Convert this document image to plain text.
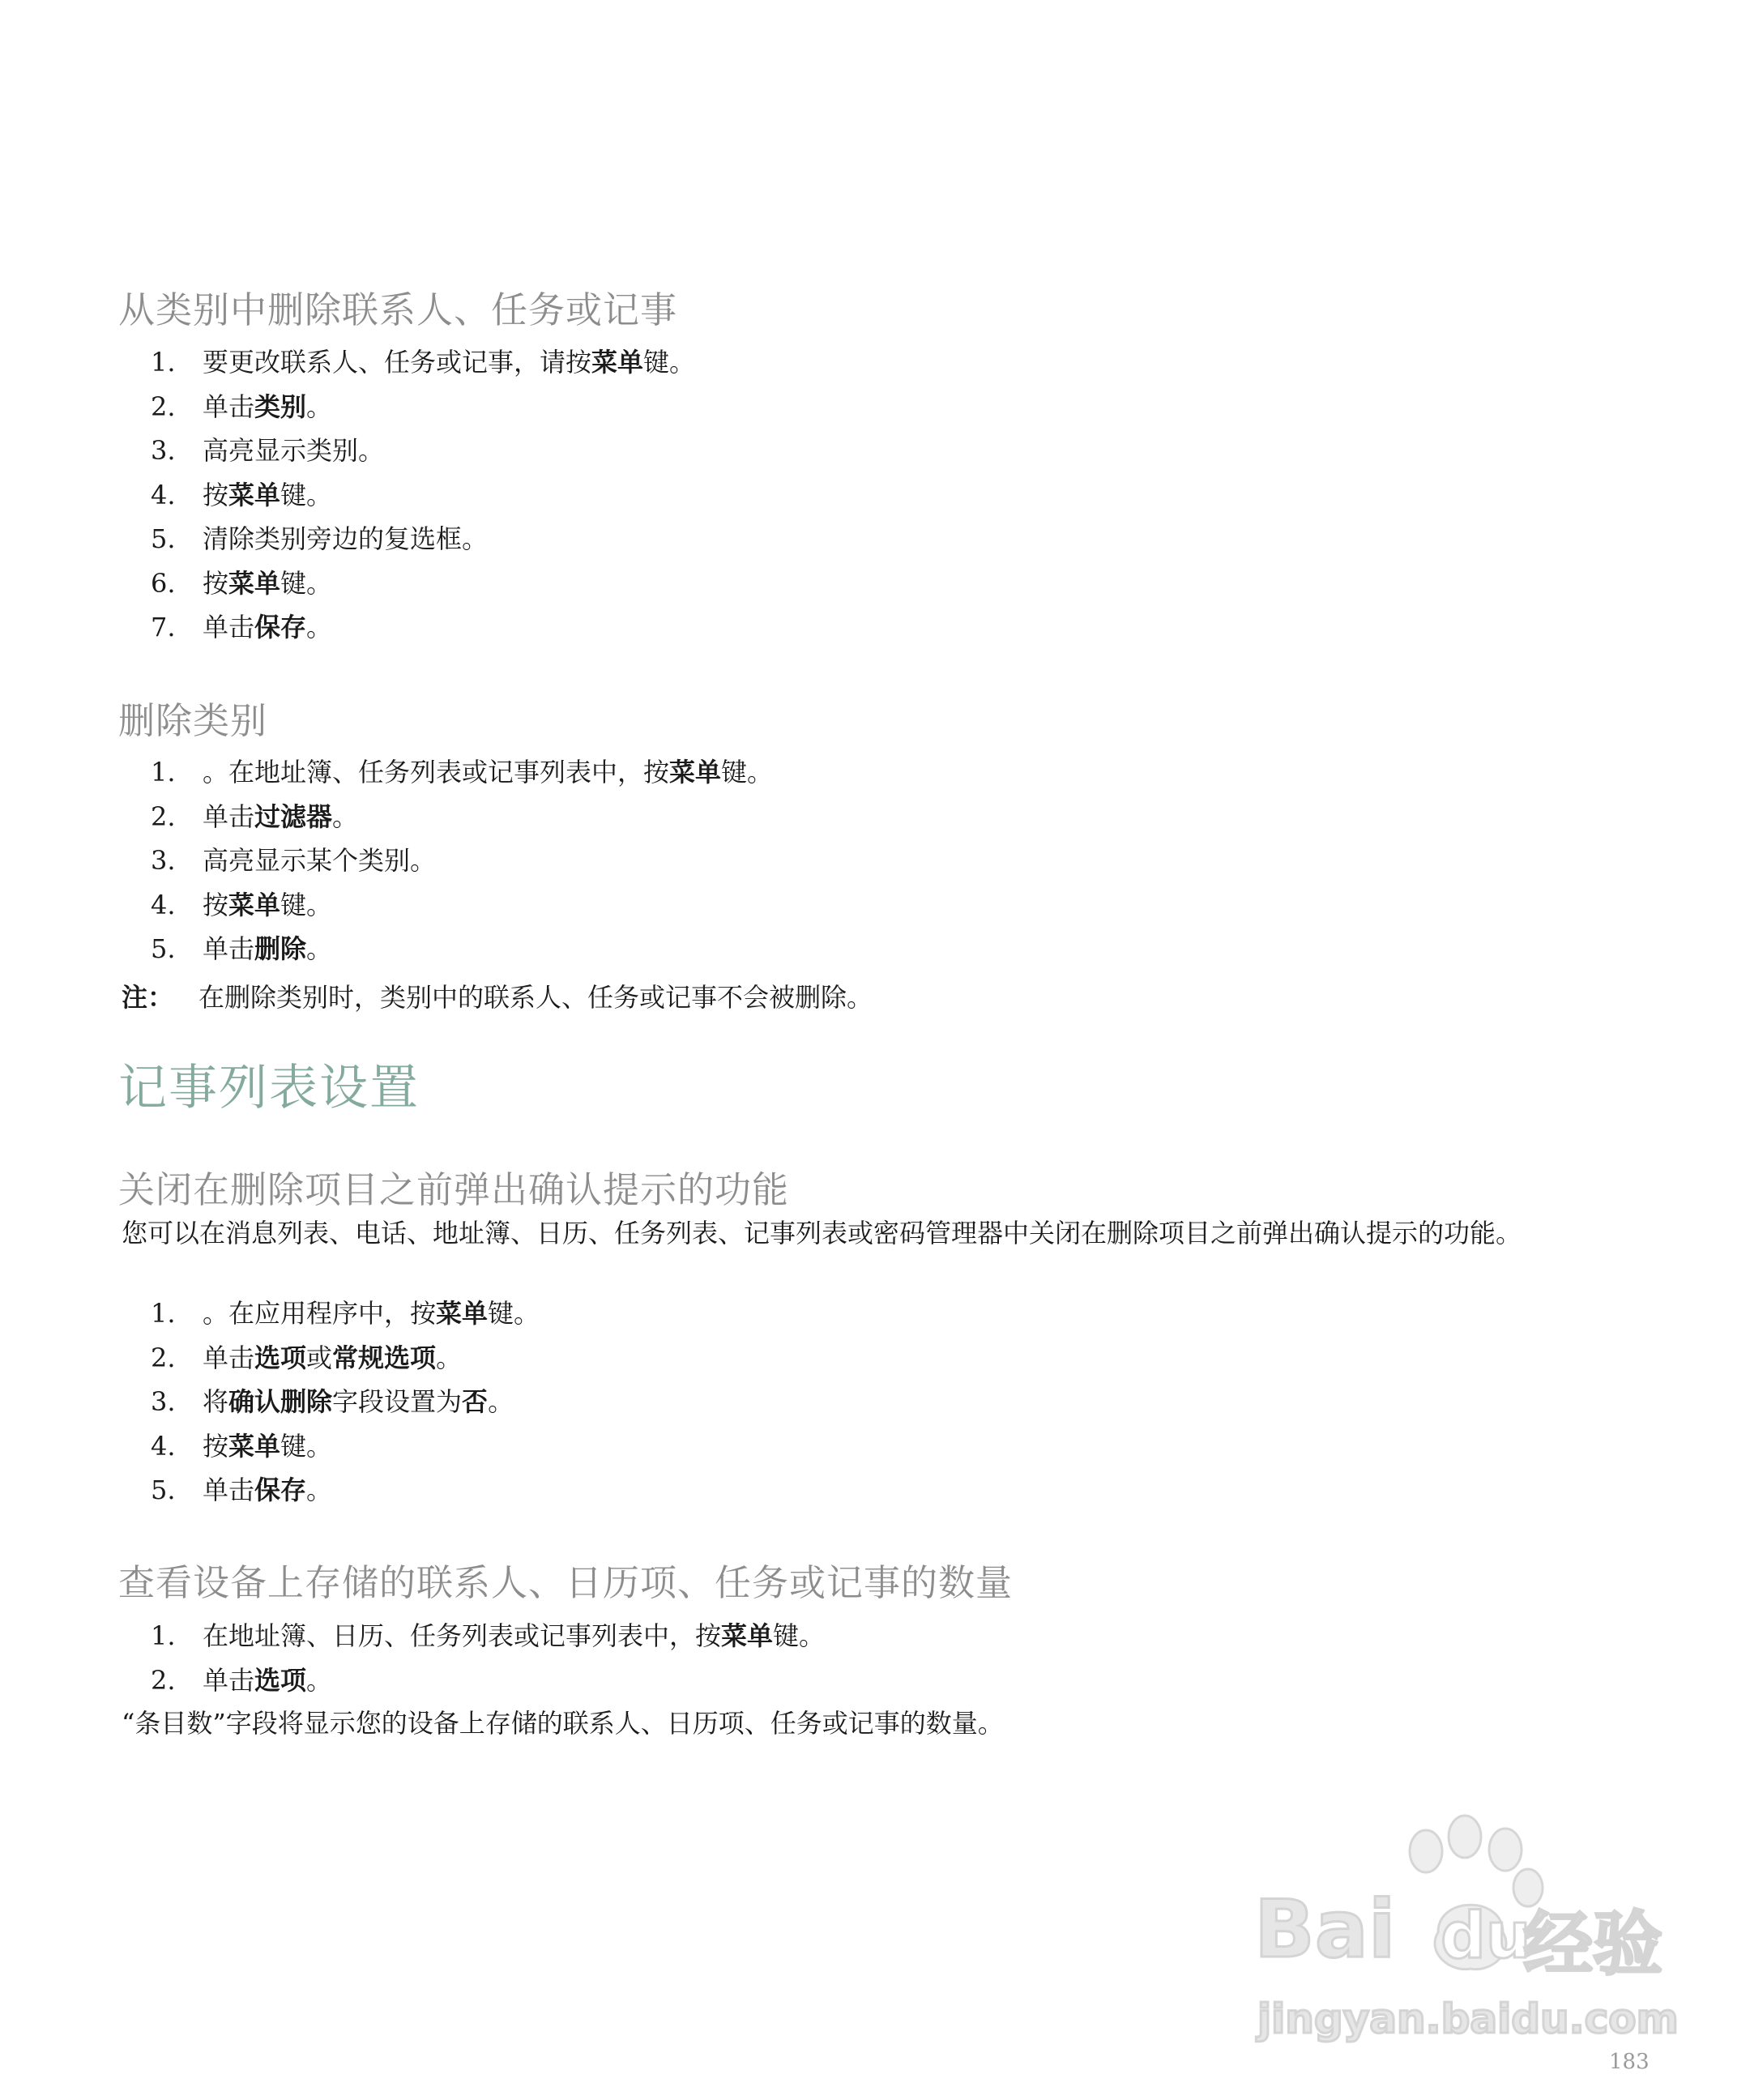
从类别中删除联系人、任务或记事
1. 要更改联系人、任务或记事，请按菜单键。
2. 单击类别。
3. 高亮显示类别。
4. 按菜单键。
5. 清除类别旁边的复选框。
6. 按菜单键。
7. 单击保存。
删除类别
1. 。在地址簿、任务列表或记事列表中，按菜单键。
2. 单击过滤器。
3. 高亮显示某个类别。
4. 按菜单键。
5. 单击删除。
注： 在删除类别时，类别中的联系人、任务或记事不会被删除。
记事列表设置
关闭在删除项目之前弹出确认提示的功能

您可以在消息列表、电话、地址簿、日历、任务列表、记事列表或密码管理器中关闭在删除项目之前弹出确认提示的功能。

1. 。在应用程序中，按菜单键。
2. 单击选项或常规选项。
3. 将确认删除字段设置为否。
4. 按菜单键。
5. 单击保存。
查看设备上存储的联系人、日历项、任务或记事的数量
1. 在地址簿、日历、任务列表或记事列表中，按菜单键。
2. 单击选项。

“条目数”字段将显示您的设备上存储的联系人、日历项、任务或记事的数量。

Bai du
经验
jingyan.baidu.com
183
